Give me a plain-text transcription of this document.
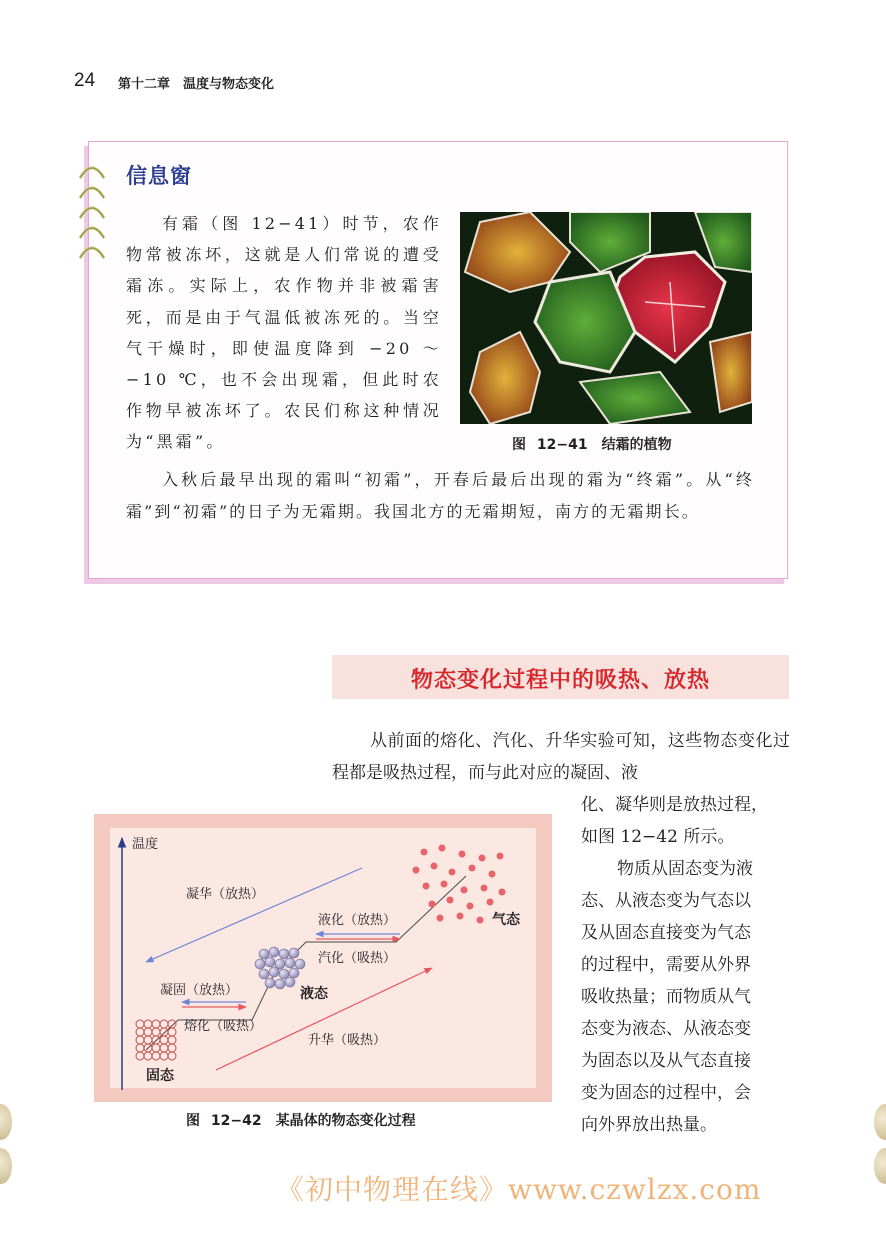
24 第十二章　温度与物态变化
信息窗

有霜（图 12−41）时节，农作物常被冻坏，这就是人们常说的遭受霜冻。实际上，农作物并非被霜害死，而是由于气温低被冻死的。当空气干燥时，即使温度降到 −20 ～ −10 ℃，也不会出现霜，但此时农作物早被冻坏了。农民们称这种情况为“黑霜”。	图 12−41　结霜的植物

入秋后最早出现的霜叫“初霜”，开春后最后出现的霜为“终霜”。从“终霜”到“初霜”的日子为无霜期。我国北方的无霜期短，南方的无霜期长。

物态变化过程中的吸热、放热

从前面的熔化、汽化、升华实验可知，这些物态变化过程都是吸热过程，而与此对应的凝固、液

化、凝华则是放热过程，
如图 12−42 所示。
物质从固态变为液
态、从液态变为气态以
及从固态直接变为气态
的过程中，需要从外界
吸收热量；而物质从气
态变为液态、从液态变
为固态以及从气态直接
变为固态的过程中，会
向外界放出热量。
温度
凝华（放热）
液化（放热）
汽化（吸热）
凝固（放热）
熔化（吸热）
升华（吸热）
固态
液态
气态
图 12−42　某晶体的物态变化过程
《初中物理在线》www.czwlzx.com
